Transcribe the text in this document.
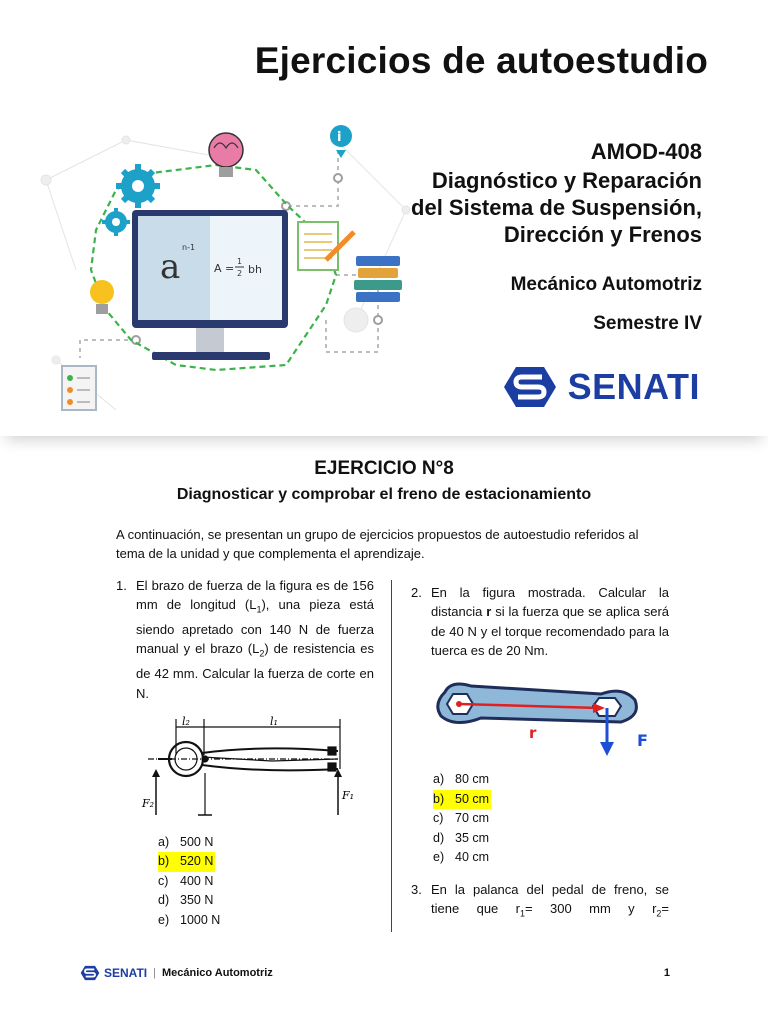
Ejercicios de autoestudio
a n-1
A =
1
2 bh
i
AMOD-408
Diagnóstico y Reparación
del Sistema de Suspensión,
Dirección y Frenos
Mecánico Automotriz
Semestre IV
SENATI
EJERCICIO N°8
Diagnosticar y comprobar el freno de estacionamiento

A continuación, se presentan un grupo de ejercicios propuestos de autoestudio referidos al tema de la unidad y que complementa el aprendizaje.

1. El brazo de fuerza de la figura es de 156 mm de longitud $(L_1)$, una pieza está siendo apretado con 140 N de fuerza manual y el brazo $(L_2)$ de resistencia es de 42 mm. Calcular la fuerza de corte en N.

l₂	l₁
F₂
F₁
a) 500 N
b) 520 N
c) 400 N
d) 350 N
e) 1000 N
2. En la figura mostrada. Calcular la distancia r si la fuerza que se aplica será de 40 N y el torque recomendado para la tuerca es de 20 Nm.

r	F
a) 80 cm
b) 50 cm
c) 70 cm
d) 35 cm
e) 40 cm
3. En la palanca del pedal de freno, se tiene que $r_1= 300$ mm y $r_2=$

SENATI | Mecánico Automotriz	1
